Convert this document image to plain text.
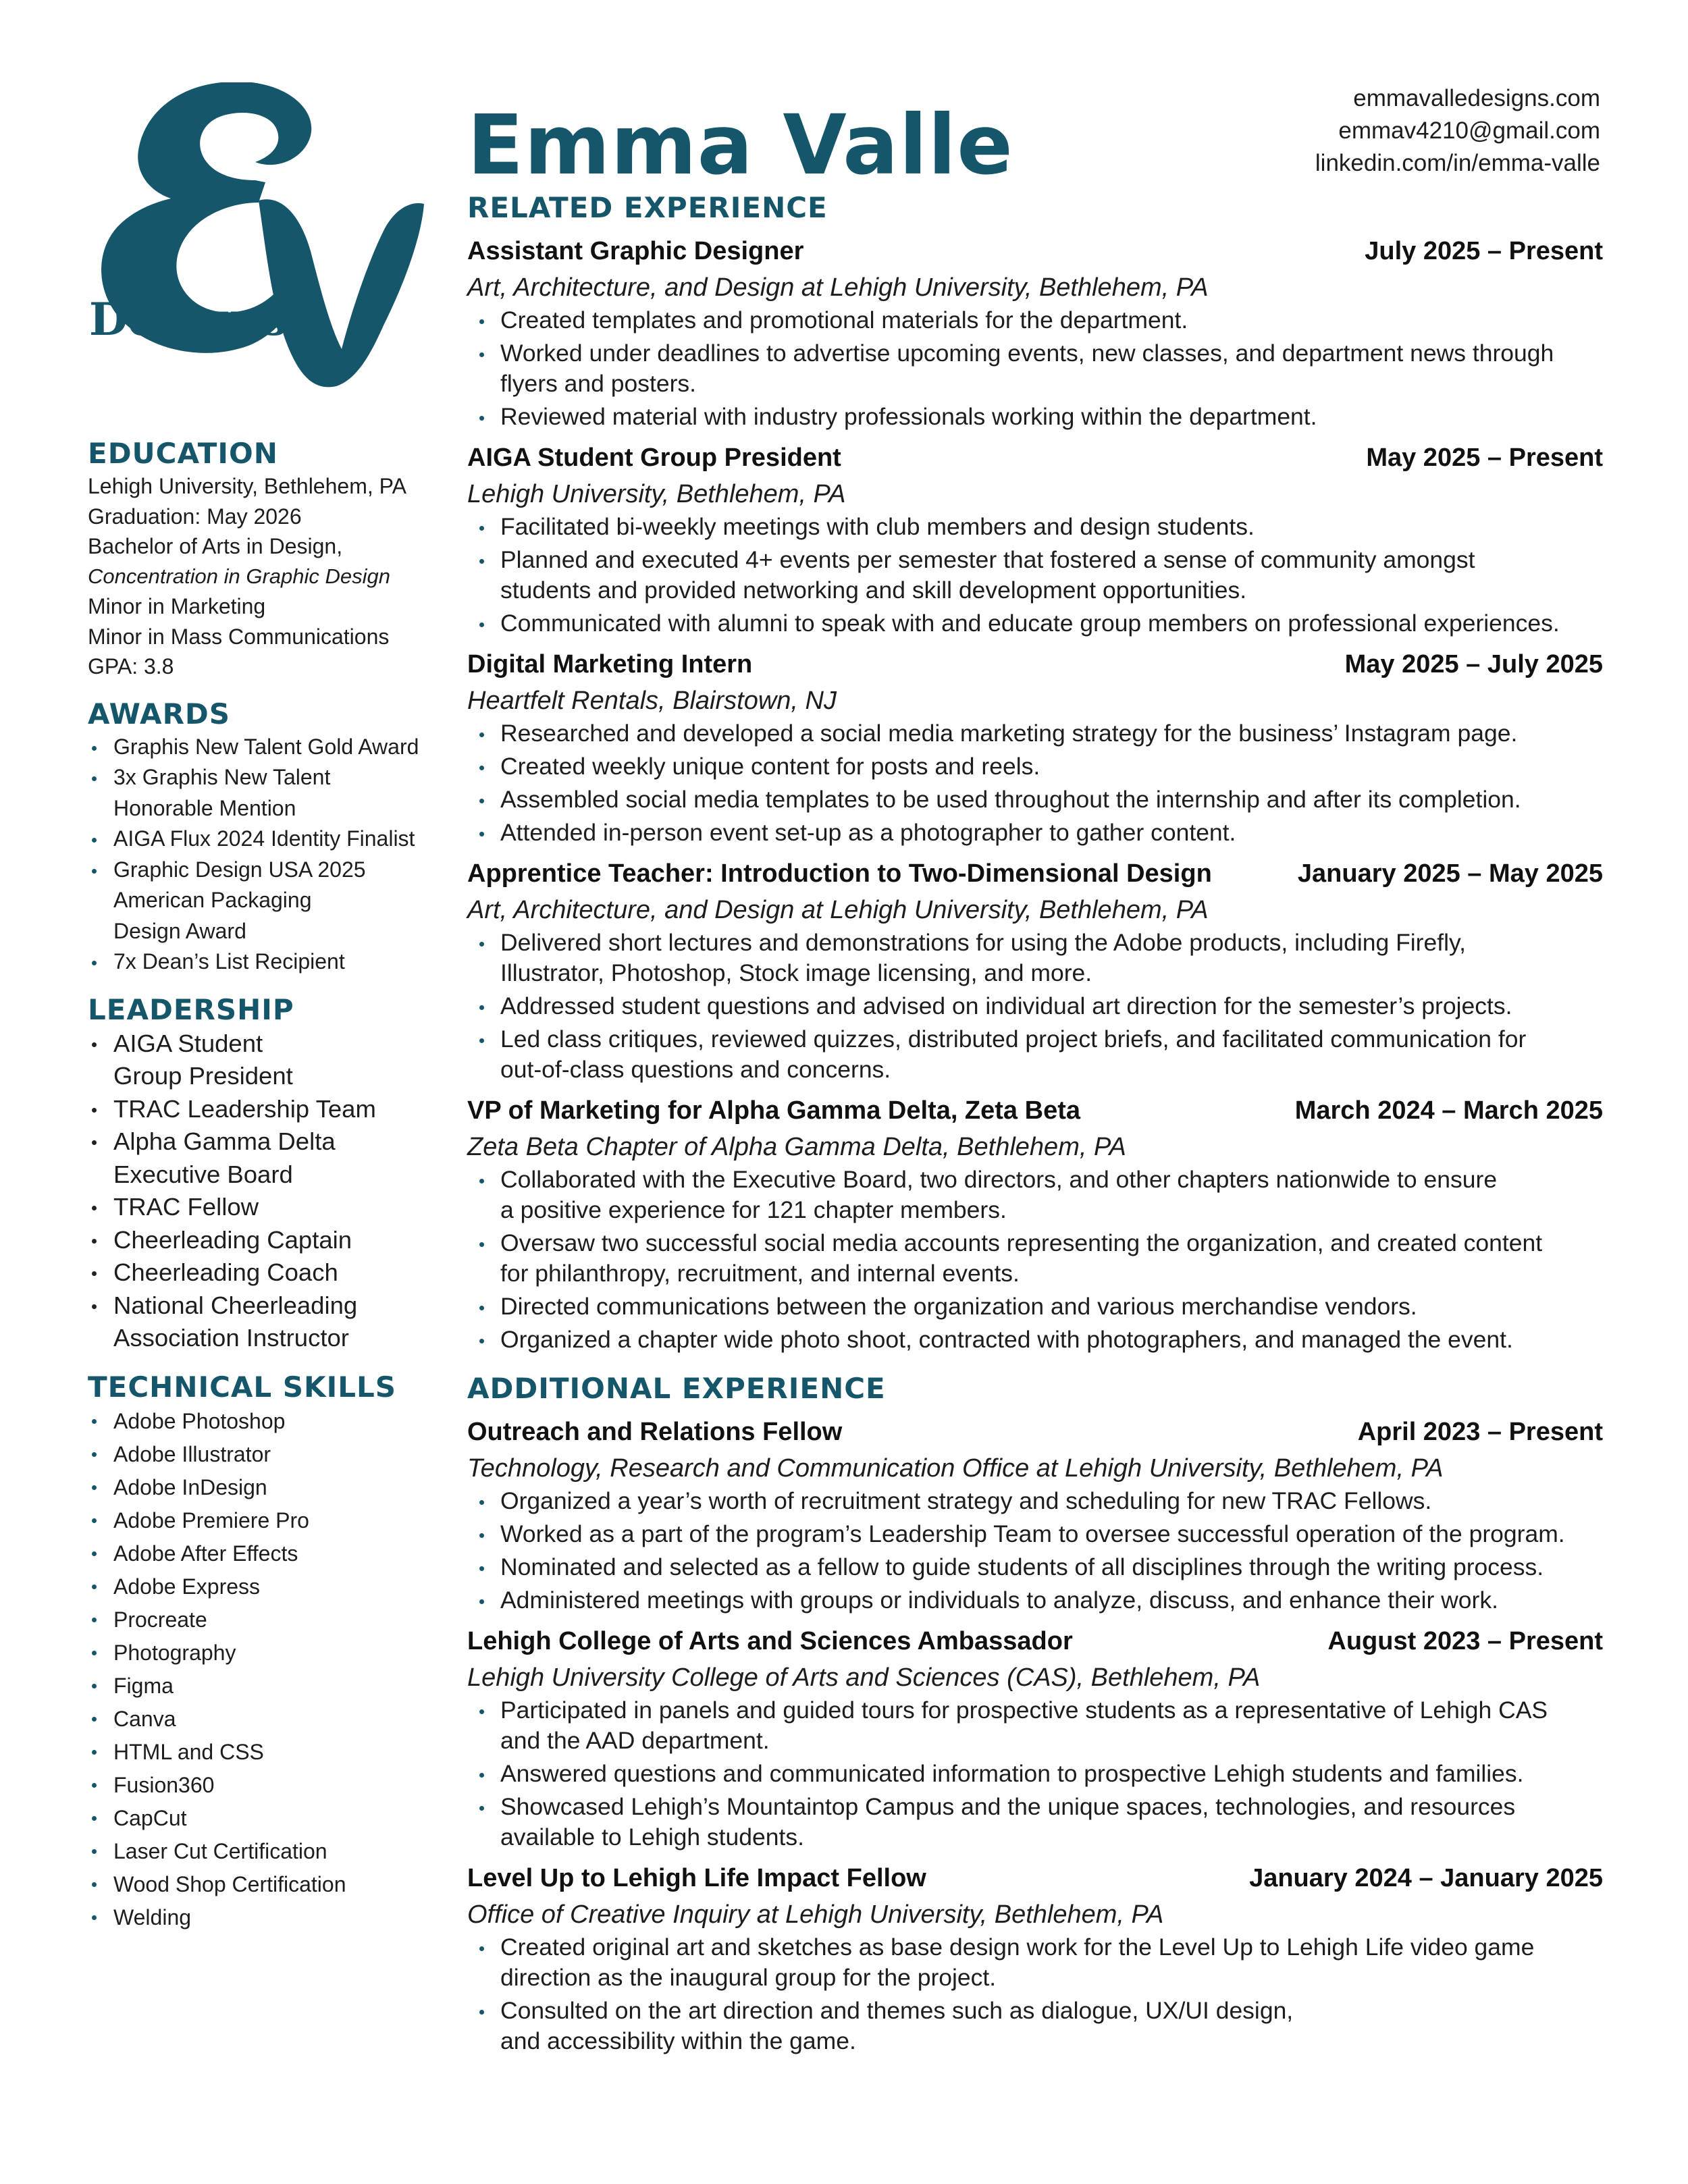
Designs
Emma Valle	emmavalledesigns.com
emmav4210@gmail.com
linkedin.com/in/emma-valle
EDUCATION
Lehigh University, Bethlehem, PA
Graduation: May 2026
Bachelor of Arts in Design,
Concentration in Graphic Design
Minor in Marketing
Minor in Mass Communications
GPA: 3.8
AWARDS
Graphis New Talent Gold Award
3x Graphis New Talent
Honorable Mention
AIGA Flux 2024 Identity Finalist
Graphic Design USA 2025
American Packaging
Design Award
7x Dean’s List Recipient
LEADERSHIP
AIGA Student
Group President
TRAC Leadership Team
Alpha Gamma Delta
Executive Board
TRAC Fellow
Cheerleading Captain
Cheerleading Coach
National Cheerleading
Association Instructor
TECHNICAL SKILLS
Adobe Photoshop
Adobe Illustrator
Adobe InDesign
Adobe Premiere Pro
Adobe After Effects
Adobe Express
Procreate
Photography
Figma
Canva
HTML and CSS
Fusion360
CapCut
Laser Cut Certification
Wood Shop Certification
Welding
RELATED EXPERIENCE
Assistant Graphic Designer	July 2025 – Present
Art, Architecture, and Design at Lehigh University, Bethlehem, PA
Created templates and promotional materials for the department.
Worked under deadlines to advertise upcoming events, new classes, and department news through
flyers and posters.
Reviewed material with industry professionals working within the department.
AIGA Student Group President	May 2025 – Present
Lehigh University, Bethlehem, PA
Facilitated bi-weekly meetings with club members and design students.
Planned and executed 4+ events per semester that fostered a sense of community amongst
students and provided networking and skill development opportunities.
Communicated with alumni to speak with and educate group members on professional experiences.
Digital Marketing Intern	May 2025 – July 2025
Heartfelt Rentals, Blairstown, NJ
Researched and developed a social media marketing strategy for the business’ Instagram page.
Created weekly unique content for posts and reels.
Assembled social media templates to be used throughout the internship and after its completion.
Attended in-person event set-up as a photographer to gather content.
Apprentice Teacher: Introduction to Two-Dimensional Design	January 2025 – May 2025
Art, Architecture, and Design at Lehigh University, Bethlehem, PA
Delivered short lectures and demonstrations for using the Adobe products, including Firefly,
Illustrator, Photoshop, Stock image licensing, and more.
Addressed student questions and advised on individual art direction for the semester’s projects.
Led class critiques, reviewed quizzes, distributed project briefs, and facilitated communication for
out-of-class questions and concerns.
VP of Marketing for Alpha Gamma Delta, Zeta Beta	March 2024 – March 2025
Zeta Beta Chapter of Alpha Gamma Delta, Bethlehem, PA
Collaborated with the Executive Board, two directors, and other chapters nationwide to ensure
a positive experience for 121 chapter members.
Oversaw two successful social media accounts representing the organization, and created content
for philanthropy, recruitment, and internal events.
Directed communications between the organization and various merchandise vendors.
Organized a chapter wide photo shoot, contracted with photographers, and managed the event.
ADDITIONAL EXPERIENCE
Outreach and Relations Fellow	April 2023 – Present
Technology, Research and Communication Office at Lehigh University, Bethlehem, PA
Organized a year’s worth of recruitment strategy and scheduling for new TRAC Fellows.
Worked as a part of the program’s Leadership Team to oversee successful operation of the program.
Nominated and selected as a fellow to guide students of all disciplines through the writing process.
Administered meetings with groups or individuals to analyze, discuss, and enhance their work.
Lehigh College of Arts and Sciences Ambassador	August 2023 – Present
Lehigh University College of Arts and Sciences (CAS), Bethlehem, PA
Participated in panels and guided tours for prospective students as a representative of Lehigh CAS
and the AAD department.
Answered questions and communicated information to prospective Lehigh students and families.
Showcased Lehigh’s Mountaintop Campus and the unique spaces, technologies, and resources
available to Lehigh students.
Level Up to Lehigh Life Impact Fellow	January 2024 – January 2025
Office of Creative Inquiry at Lehigh University, Bethlehem, PA
Created original art and sketches as base design work for the Level Up to Lehigh Life video game
direction as the inaugural group for the project.
Consulted on the art direction and themes such as dialogue, UX/UI design,
and accessibility within the game.
